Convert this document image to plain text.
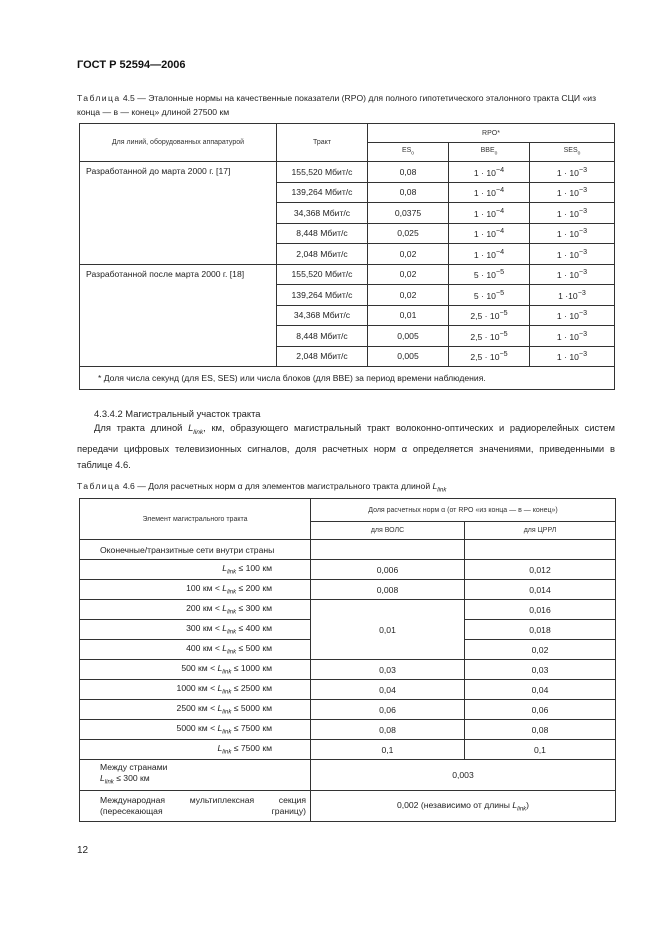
ГОСТ Р 52594—2006
Таблица 4.5 — Эталонные нормы на качественные показатели (RPO) для полного гипотетического эталонного тракта СЦИ «из конца — в — конец» длиной 27500 км
Для линий, оборудованных аппаратурой	Тракт	RPO*		
		$ES_0$	$BBE_0$	$SES_0$
Разработанной до марта 2000 г. [17]	155,520 Мбит/с	0,08	$1 \cdot 10^{-4}$	$1 \cdot 10^{-3}$
	139,264 Мбит/с	0,08	$1 \cdot 10^{-4}$	$1 \cdot 10^{-3}$
	34,368 Мбит/с	0,0375	$1 \cdot 10^{-4}$	$1 \cdot 10^{-3}$
	8,448 Мбит/с	0,025	$1 \cdot 10^{-4}$	$1 \cdot 10^{-3}$
	2,048 Мбит/с	0,02	$1 \cdot 10^{-4}$	$1 \cdot 10^{-3}$
Разработанной после марта 2000 г. [18]	155,520 Мбит/с	0,02	$5 \cdot 10^{-5}$	$1 \cdot 10^{-3}$
	139,264 Мбит/с	0,02	$5 \cdot 10^{-5}$	$1 \cdot 10^{-3}$
	34,368 Мбит/с	0,01	$2,5 \cdot 10^{-5}$	$1 \cdot 10^{-3}$
	8,448 Мбит/с	0,005	$2,5 \cdot 10^{-5}$	$1 \cdot 10^{-3}$
	2,048 Мбит/с	0,005	$2,5 \cdot 10^{-5}$	$1 \cdot 10^{-3}$
* Доля числа секунд (для ES, SES) или числа блоков (для BBE) за период времени наблюдения.				
4.3.4.2 Магистральный участок тракта
Для тракта длиной $L_{link}$, км, образующего магистральный тракт волоконно-оптических и радиорелейных систем передачи цифровых телевизионных сигналов, доля расчетных норм α определяется значениями, приведенными в таблице 4.6.
Таблица 4.6 — Доля расчетных норм α для элементов магистрального тракта длиной $L_{link}$
Элемент магистрального тракта	Доля расчетных норм α (от RPO «из конца — в — конец»)	
	для ВОЛС	для ЦРРЛ
Оконечные/транзитные сети внутри страны		
$L_{link} \le 100$ км	0,006	0,012
100 км < $L_{link} \le 200$ км	0,008	0,014
200 км < $L_{link} \le 300$ км	0,01	0,016
300 км < $L_{link} \le 400$ км		0,018
400 км < $L_{link} \le 500$ км		0,02
500 км < $L_{link} \le 1000$ км	0,03	0,03
1000 км < $L_{link} \le 2500$ км	0,04	0,04
2500 км < $L_{link} \le 5000$ км	0,06	0,06
5000 км < $L_{link} \le 7500$ км	0,08	0,08
$L_{link} \le 7500$ км	0,1	0,1
Между странами
$L_{link} \le 300$ км	0,003	
Международная мультиплексная секция
(пересекающая границу)	0,002 (независимо от длины $L_{link}$)	
12
